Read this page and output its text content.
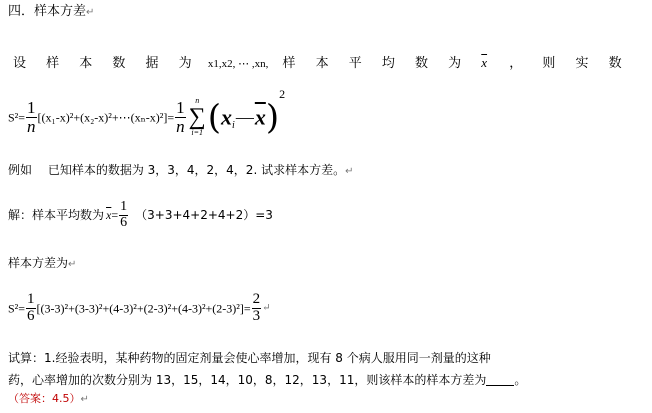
四．样本方差↵
设 样 本 数 据 为 x1,x2, ⋯ ,xn, 样 本 平 均 数 为 $\overline{x}$ ， 则 实 数
$S^2= \frac{1}{n}$ [(x₁-x)²+(x₂-x)²+⋯(xₙ-x)²]= $\frac{1}{n}$	n
∑
i=1 $(x_i—\overline{x})2$
例如　 已知样本的数据为 3，3，4，2，4，2. 试求样本方差。↵
解：样本平均数为 $\overline{x}= \frac{1}{6} (3+3+4+2+4+2)=3$
样本方差为↵
$S^2= \frac{1}{6} [(3-3)^2+(3-3)^2+(4-3)^2+(2-3)^2+(4-3)^2+(2-3)^2]= \frac{2}{3}$ ↵
试算：1.经验表明，某种药物的固定剂量会使心率增加，现有 8 个病人服用同一剂量的这种
药，心率增加的次数分别为 13，15，14，10，8，12，13，11，则该样本的样本方差为 。
（答案：4.5）↵
